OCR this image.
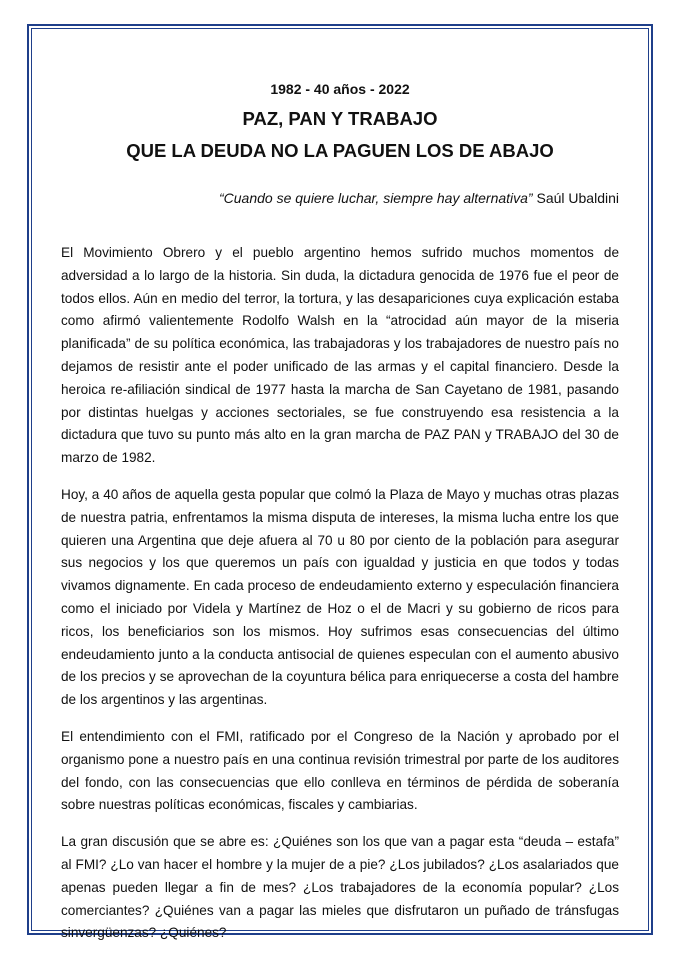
1982 - 40 años - 2022

PAZ, PAN Y TRABAJO
QUE LA DEUDA NO LA PAGUEN LOS DE ABAJO

“Cuando se quiere luchar, siempre hay alternativa” Saúl Ubaldini

El Movimiento Obrero y el pueblo argentino hemos sufrido muchos momentos de adversidad a lo largo de la historia. Sin duda, la dictadura genocida de 1976 fue el peor de todos ellos. Aún en medio del terror, la tortura, y las desapariciones cuya explicación estaba como afirmó valientemente Rodolfo Walsh en la “atrocidad aún mayor de la miseria planificada” de su política económica, las trabajadoras y los trabajadores de nuestro país no dejamos de resistir ante el poder unificado de las armas y el capital financiero. Desde la heroica re-afiliación sindical de 1977 hasta la marcha de San Cayetano de 1981, pasando por distintas huelgas y acciones sectoriales, se fue construyendo esa resistencia a la dictadura que tuvo su punto más alto en la gran marcha de PAZ PAN y TRABAJO del 30 de marzo de 1982.

Hoy, a 40 años de aquella gesta popular que colmó la Plaza de Mayo y muchas otras plazas de nuestra patria, enfrentamos la misma disputa de intereses, la misma lucha entre los que quieren una Argentina que deje afuera al 70 u 80 por ciento de la población para asegurar sus negocios y los que queremos un país con igualdad y justicia en que todos y todas vivamos dignamente. En cada proceso de endeudamiento externo y especulación financiera como el iniciado por Videla y Martínez de Hoz o el de Macri y su gobierno de ricos para ricos, los beneficiarios son los mismos. Hoy sufrimos esas consecuencias del último endeudamiento junto a la conducta antisocial de quienes especulan con el aumento abusivo de los precios y se aprovechan de la coyuntura bélica para enriquecerse a costa del hambre de los argentinos y las argentinas.

El entendimiento con el FMI, ratificado por el Congreso de la Nación y aprobado por el organismo pone a nuestro país en una continua revisión trimestral por parte de los auditores del fondo, con las consecuencias que ello conlleva en términos de pérdida de soberanía sobre nuestras políticas económicas, fiscales y cambiarias.

La gran discusión que se abre es: ¿Quiénes son los que van a pagar esta “deuda – estafa” al FMI? ¿Lo van hacer el hombre y la mujer de a pie? ¿Los jubilados? ¿Los asalariados que apenas pueden llegar a fin de mes? ¿Los trabajadores de la economía popular? ¿Los comerciantes? ¿Quiénes van a pagar las mieles que disfrutaron un puñado de tránsfugas sinvergüenzas? ¿Quiénes?
